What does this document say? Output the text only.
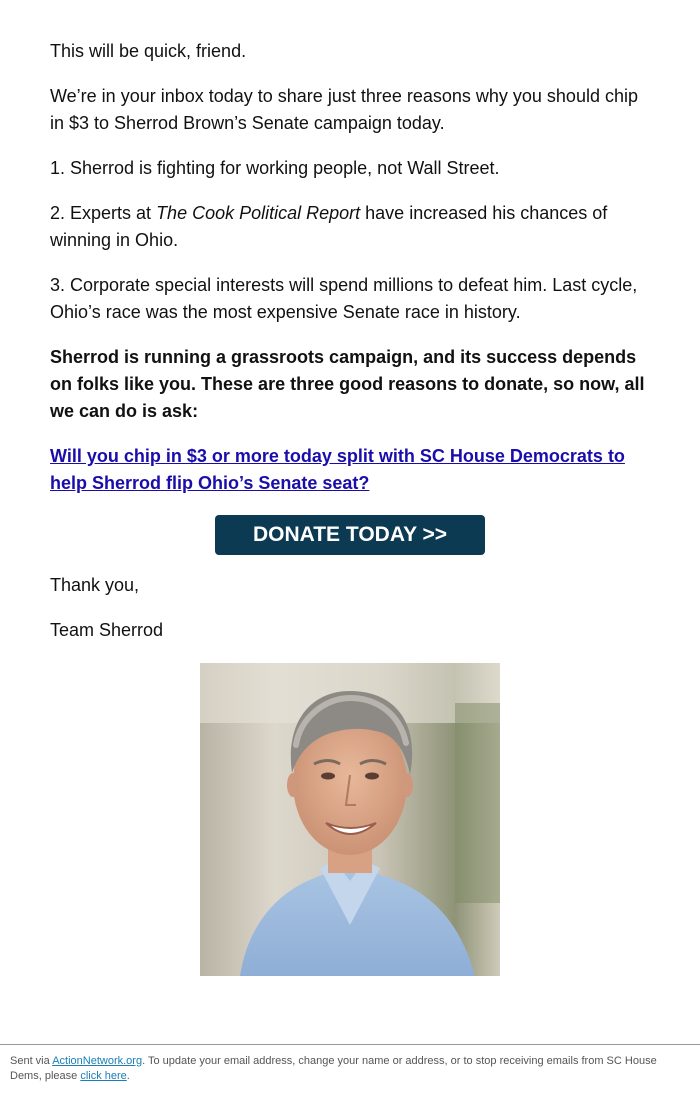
This will be quick, friend.

We’re in your inbox today to share just three reasons why you should chip in $3 to Sherrod Brown’s Senate campaign today.

1. Sherrod is fighting for working people, not Wall Street.

2. Experts at The Cook Political Report have increased his chances of winning in Ohio.

3. Corporate special interests will spend millions to defeat him. Last cycle, Ohio’s race was the most expensive Senate race in history.

Sherrod is running a grassroots campaign, and its success depends on folks like you. These are three good reasons to donate, so now, all we can do is ask:

Will you chip in $3 or more today split with SC House Democrats to help Sherrod flip Ohio’s Senate seat?

DONATE TODAY >>

Thank you,

Team Sherrod

Sent via ActionNetwork.org. To update your email address, change your name or address, or to stop receiving emails from SC House Dems, please click here.
